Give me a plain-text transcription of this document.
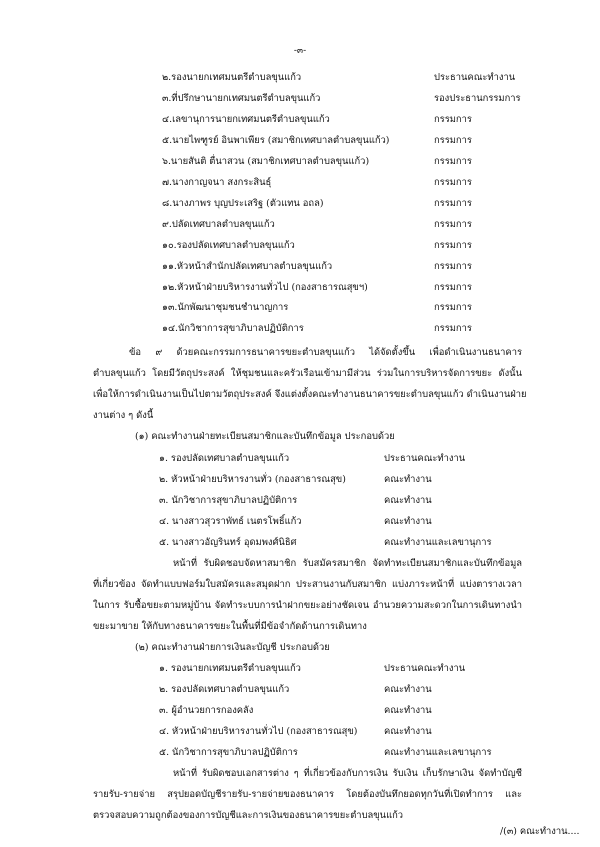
-๓-
๒.รองนายกเทศมนตรีตำบลขุนแก้ว	ประธานคณะทำงาน
๓.ที่ปรึกษานายกเทศมนตรีตำบลขุนแก้ว	รองประธานกรรมการ
๔.เลขานุการนายกเทศมนตรีตำบลขุนแก้ว	กรรมการ
๕.นายไพฑูรย์ อินพาเพียร (สมาชิกเทศบาลตำบลขุนแก้ว)	กรรมการ
๖.นายสันติ ตื่นาสวน (สมาชิกเทศบาลตำบลขุนแก้ว)	กรรมการ
๗.นางกาญจนา สงกระสินธุ์	กรรมการ
๘.นางภาพร บุญประเสริฐ (ตัวแทน อถล)	กรรมการ
๙.ปลัดเทศบาลตำบลขุนแก้ว	กรรมการ
๑๐.รองปลัดเทศบาลตำบลขุนแก้ว	กรรมการ
๑๑.หัวหน้าสำนักปลัดเทศบาลตำบลขุนแก้ว	กรรมการ
๑๒.หัวหน้าฝ่ายบริหารงานทั่วไป (กองสาธารณสุขฯ)	กรรมการ
๑๓.นักพัฒนาชุมชนชำนาญการ	กรรมการ
๑๔.นักวิชาการสุขาภิบาลปฏิบัติการ	กรรมการ
ข้อ ๙ ด้วยคณะกรรมการธนาคารขยะตำบลขุนแก้ว ได้จัดตั้งขึ้น เพื่อดำเนินงานธนาคาร
ตำบลขุนแก้ว โดยมีวัตถุประสงค์ ให้ชุมชนและครัวเรือนเข้ามามีส่วน ร่วมในการบริหารจัดการขยะ ดังนั้น
เพื่อให้การดำเนินงานเป็นไปตามวัตถุประสงค์ จึงแต่งตั้งคณะทำงานธนาคารขยะตำบลขุนแก้ว ดำเนินงานฝ่าย
งานต่าง ๆ ดังนี้
(๑) คณะทำงานฝ่ายทะเบียนสมาชิกและบันทึกข้อมูล ประกอบด้วย
๑. รองปลัดเทศบาลตำบลขุนแก้ว	ประธานคณะทำงาน
๒. หัวหน้าฝ่ายบริหารงานทั่ว (กองสาธารณสุข)	คณะทำงาน
๓. นักวิชาการสุขาภิบาลปฏิบัติการ	คณะทำงาน
๔. นางสาวสุวราพัทธ์ เนตรโพธิ์แก้ว	คณะทำงาน
๕. นางสาวอัญรินทร์ อุดมพงศ์นิธิศ	คณะทำงานและเลขานุการ
หน้าที่ รับผิดชอบจัดหาสมาชิก รับสมัครสมาชิก จัดทำทะเบียนสมาชิกและบันทึกข้อมูล
ที่เกี่ยวข้อง จัดทำแบบฟอร์มใบสมัครและสมุดฝาก ประสานงานกับสมาชิก แบ่งภาระหน้าที่ แบ่งตารางเวลา
ในการ รับซื้อขยะตามหมู่บ้าน จัดทำระบบการนำฝากขยะอย่างชัดเจน อำนวยความสะดวกในการเดินทางนำ
ขยะมาขาย ให้กับทางธนาคารขยะในพื้นที่มีข้อจำกัดด้านการเดินทาง
(๒) คณะทำงานฝ่ายการเงินละบัญชี ประกอบด้วย
๑. รองนายกเทศมนตรีตำบลขุนแก้ว	ประธานคณะทำงาน
๒. รองปลัดเทศบาลตำบลขุนแก้ว	คณะทำงาน
๓. ผู้อำนวยการกองคลัง	คณะทำงาน
๔. หัวหน้าฝ่ายบริหารงานทั่วไป (กองสาธารณสุข)	คณะทำงาน
๕. นักวิชาการสุขาภิบาลปฏิบัติการ	คณะทำงานและเลขานุการ
หน้าที่ รับผิดชอบเอกสารต่าง ๆ ที่เกี่ยวข้องกับการเงิน รับเงิน เก็บรักษาเงิน จัดทำบัญชี
รายรับ-รายจ่าย สรุปยอดบัญชีรายรับ-รายจ่ายของธนาคาร โดยต้องบันทึกยอดทุกวันที่เปิดทำการ และ
ตรวจสอบความถูกต้องของการบัญชีและการเงินของธนาคารขยะตำบลขุนแก้ว
/(๓) คณะทำงาน....
